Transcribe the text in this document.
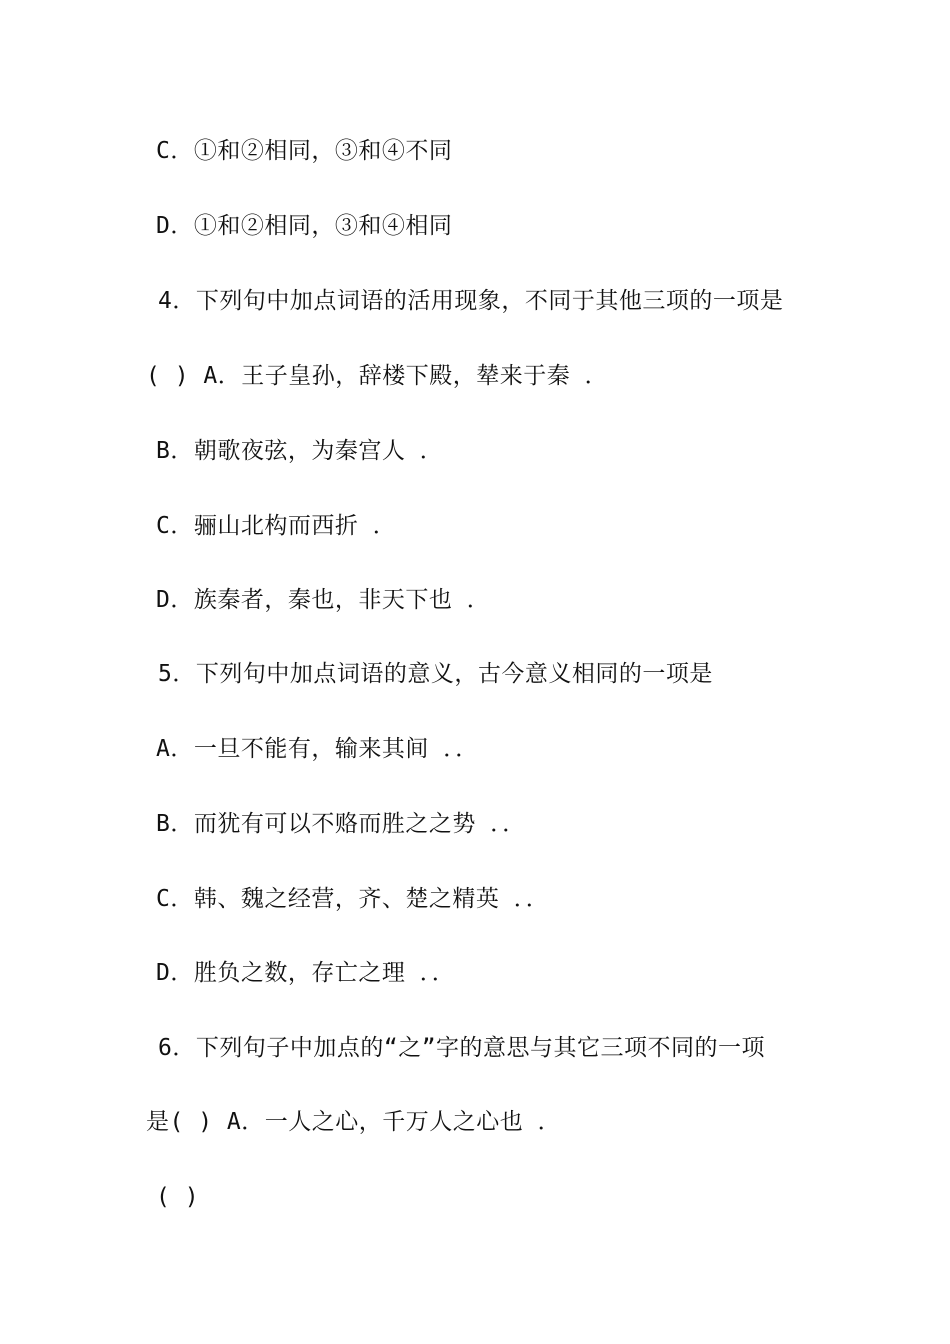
C．①和②相同，③和④不同
D．①和②相同，③和④相同
4．下列句中加点词语的活用现象，不同于其他三项的一项是
( ) A．王子皇孙，辞楼下殿，辇来于秦 ．
B．朝歌夜弦，为秦宫人 ．
C．骊山北构而西折 ．
D．族秦者，秦也，非天下也 ．
5．下列句中加点词语的意义，古今意义相同的一项是
A．一旦不能有，输来其间 ．．
B．而犹有可以不赂而胜之之势 ．．
C．韩、魏之经营，齐、楚之精英 ．．
D．胜负之数，存亡之理 ．．
6．下列句子中加点的“之”字的意思与其它三项不同的一项
是( ) A．一人之心，千万人之心也 ．
( )
